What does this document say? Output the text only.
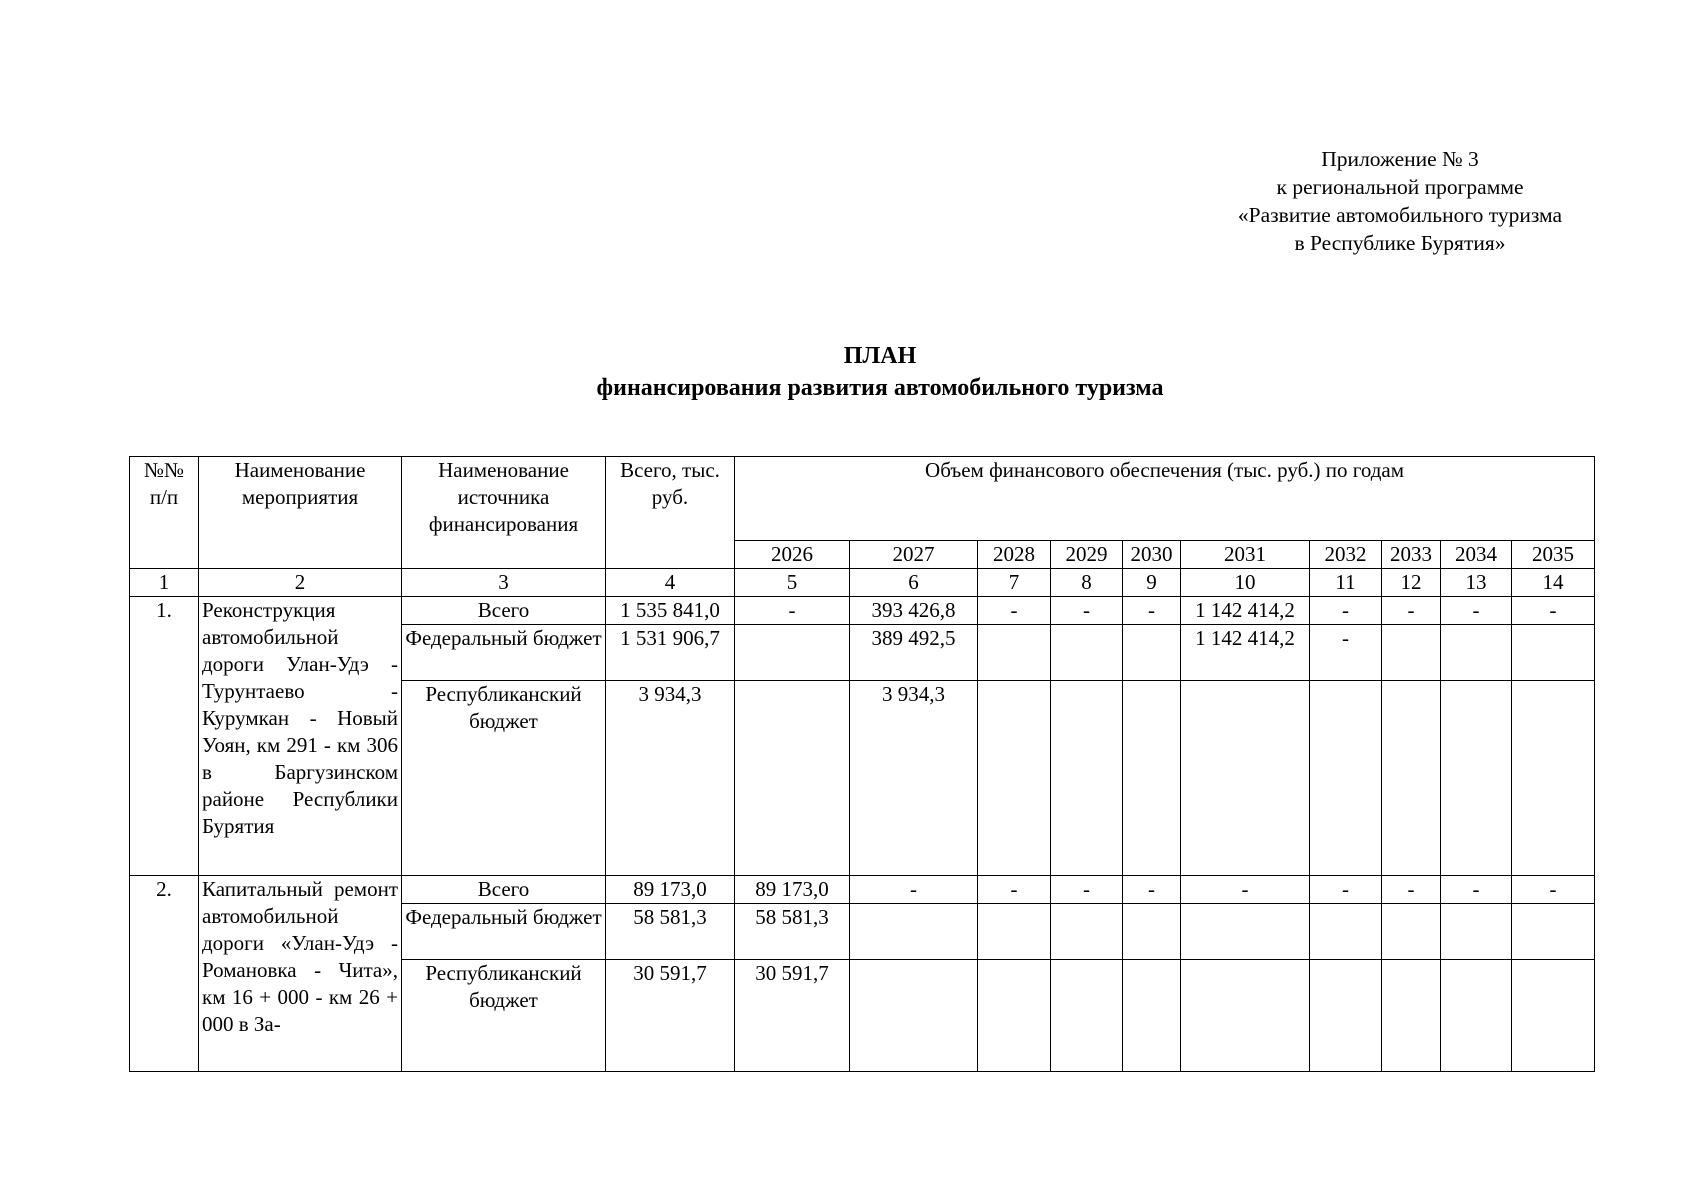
Приложение № 3
к региональной программе
«Развитие автомобильного туризма
в Республике Бурятия»
ПЛАН
финансирования развития автомобильного туризма
№№ п/п	Наименование мероприятия	Наименование источника финансирования	Всего, тыс. руб.	Объем финансового обеспечения (тыс. руб.) по годам									
				2026	2027	2028	2029	2030	2031	2032	2033	2034	2035
1	2	3	4	5	6	7	8	9	10	11	12	13	14
1.	Реконструкция автомобильной дороги Улан-Удэ - Турунтаево - Курумкан - Новый Уоян, км 291 - км 306 в Баргузинском районе Республики Бурятия	Всего	1 535 841,0	-	393 426,8	-	-	-	1 142 414,2	-	-	-	-
		Федеральный бюджет	1 531 906,7		389 492,5				1 142 414,2	-			
		Республиканский бюджет	3 934,3		3 934,3								
2.	Капитальный ремонт автомобильной дороги «Улан-Удэ - Романовка - Чита», км 16 + 000 - км 26 + 000 в За-	Всего	89 173,0	89 173,0	-	-	-	-	-	-	-	-	-
		Федеральный бюджет	58 581,3	58 581,3									
		Республиканский бюджет	30 591,7	30 591,7									
